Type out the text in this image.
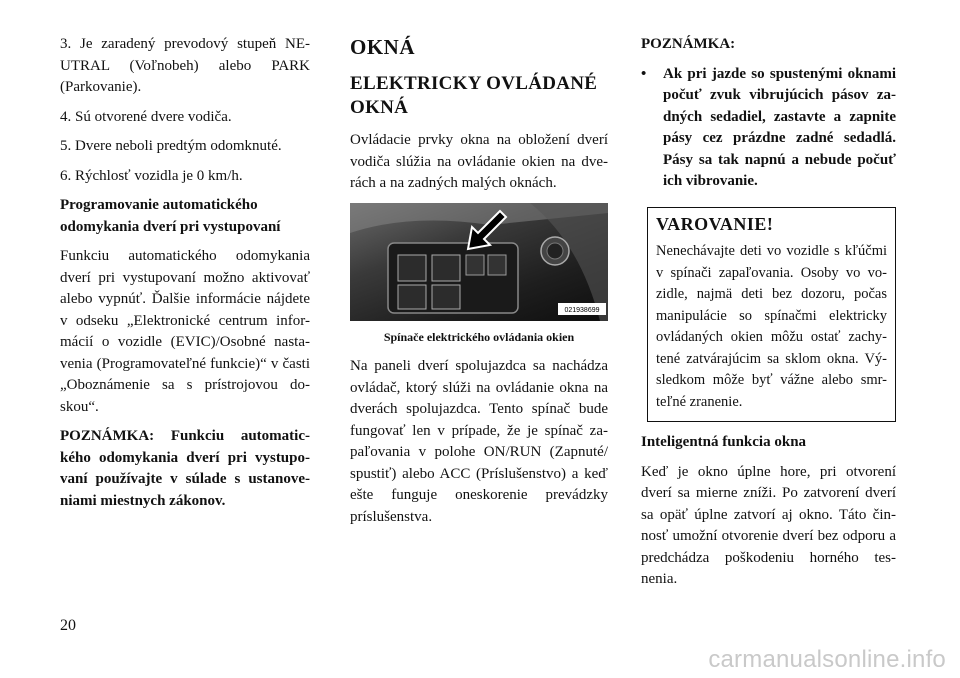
3. Je zaradený prevodový stupeň NE-UTRAL (Voľnobeh) alebo PARK (Parkovanie).

4. Sú otvorené dvere vodiča.

5. Dvere neboli predtým odomknuté.

6. Rýchlosť vozidla je 0 km/h.

Programovanie automatického odomykania dverí pri vystupovaní

Funkciu automatického odomykania dverí pri vystupovaní možno aktivovať alebo vypnúť. Ďalšie informácie nájdete v odseku „Elektronické centrum infor-mácií o vozidle (EVIC)/Osobné nasta-venia (Programovateľné funkcie)“ v časti „Oboznámenie sa s prístrojovou do-skou“.

POZNÁMKA: Funkciu automatic-kého odomykania dverí pri vystupo-vaní používajte v súlade s ustanove-niami miestnych zákonov.

OKNÁ
ELEKTRICKY OVLÁDANÉ OKNÁ

Ovládacie prvky okna na obložení dverí vodiča slúžia na ovládanie okien na dve-rách a na zadných malých oknách.

021938699
Spínače elektrického ovládania okien

Na paneli dverí spolujazdca sa nachádza ovládač, ktorý slúži na ovládanie okna na dverách spolujazdca. Tento spínač bude fungovať len v prípade, že je spínač za-paľovania v polohe ON/RUN (Zapnuté/ spustiť) alebo ACC (Príslušenstvo) a keď ešte funguje oneskorenie prevádzky príslušenstva.

POZNÁMKA:
• Ak pri jazde so spustenými oknami počuť zvuk vibrujúcich pásov za-dných sedadiel, zastavte a zapnite pásy cez prázdne zadné sedadlá. Pásy sa tak napnú a nebude počuť ich vibrovanie.
VAROVANIE!

Nenechávajte deti vo vozidle s kľúčmi v spínači zapaľovania. Osoby vo vo-zidle, najmä deti bez dozoru, počas manipulácie so spínačmi elektricky ovládaných okien môžu ostať zachy-tené zatvárajúcim sa sklom okna. Vý-sledkom môže byť vážne alebo smr-teľné zranenie.

Inteligentná funkcia okna

Keď je okno úplne hore, pri otvorení dverí sa mierne zníži. Po zatvorení dverí sa opäť úplne zatvorí aj okno. Táto čin-nosť umožní otvorenie dverí bez odporu a predchádza poškodeniu horného tes-nenia.

20
carmanualsonline.info
